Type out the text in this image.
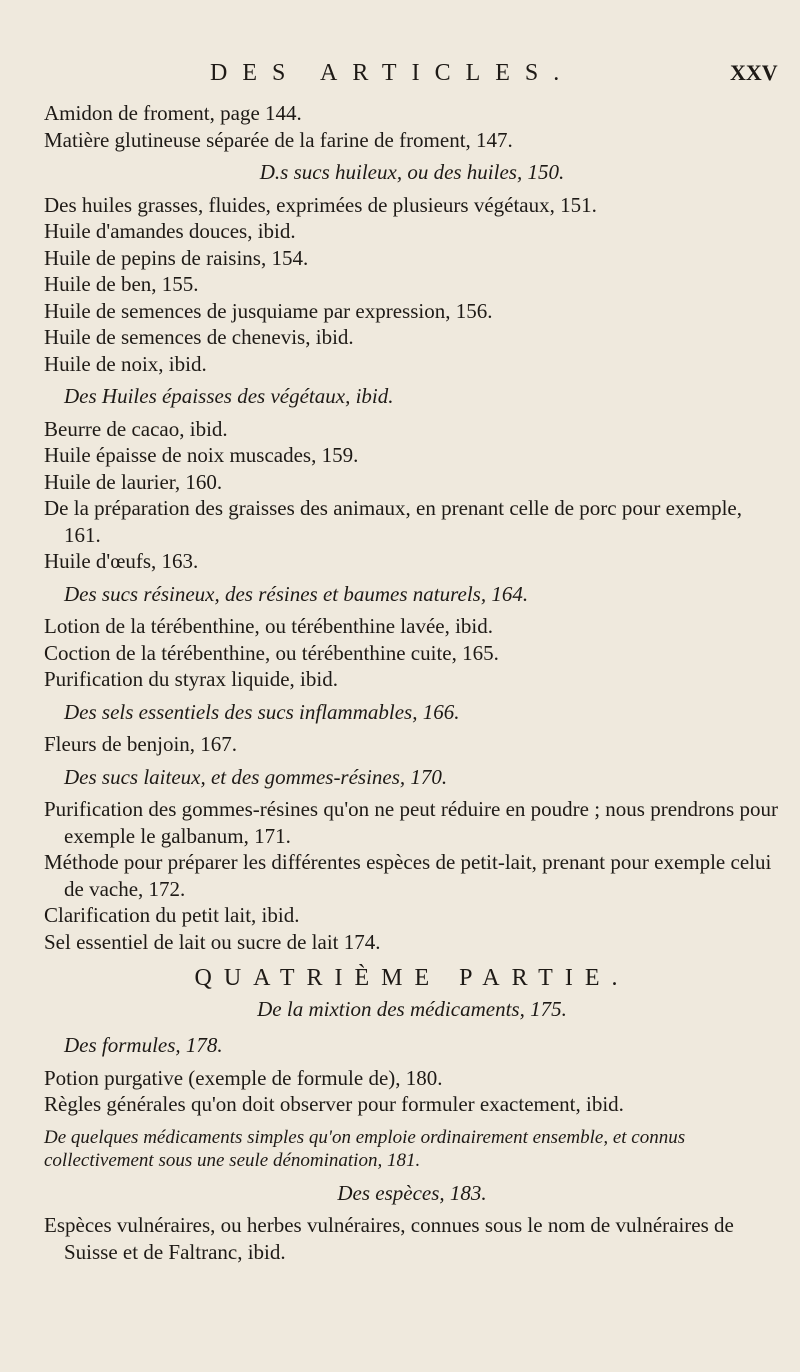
DES ARTICLES.	XXV

Amidon de froment, page 144.

Matière glutineuse séparée de la farine de froment, 147.

D.s sucs huileux, ou des huiles, 150.

Des huiles grasses, fluides, exprimées de plusieurs végétaux, 151.

Huile d'amandes douces, ibid.

Huile de pepins de raisins, 154.

Huile de ben, 155.

Huile de semences de jusquiame par expression, 156.

Huile de semences de chenevis, ibid.

Huile de noix, ibid.

Des Huiles épaisses des végétaux, ibid.

Beurre de cacao, ibid.

Huile épaisse de noix muscades, 159.

Huile de laurier, 160.

De la préparation des graisses des animaux, en prenant celle de porc pour exemple, 161.

Huile d'œufs, 163.

Des sucs résineux, des résines et baumes naturels, 164.

Lotion de la térébenthine, ou térébenthine lavée, ibid.

Coction de la térébenthine, ou térébenthine cuite, 165.

Purification du styrax liquide, ibid.

Des sels essentiels des sucs inflammables, 166.

Fleurs de benjoin, 167.

Des sucs laiteux, et des gommes-résines, 170.

Purification des gommes-résines qu'on ne peut réduire en poudre ; nous prendrons pour exemple le galbanum, 171.

Méthode pour préparer les différentes espèces de petit-lait, prenant pour exemple celui de vache, 172.

Clarification du petit lait, ibid.

Sel essentiel de lait ou sucre de lait 174.

QUATRIÈME PARTIE.
De la mixtion des médicaments, 175.

Des formules, 178.

Potion purgative (exemple de formule de), 180.

Règles générales qu'on doit observer pour formuler exactement, ibid.

De quelques médicaments simples qu'on emploie ordinairement ensemble, et connus collectivement sous une seule dénomination, 181.

Des espèces, 183.

Espèces vulnéraires, ou herbes vulnéraires, connues sous le nom de vulnéraires de Suisse et de Faltranc, ibid.
